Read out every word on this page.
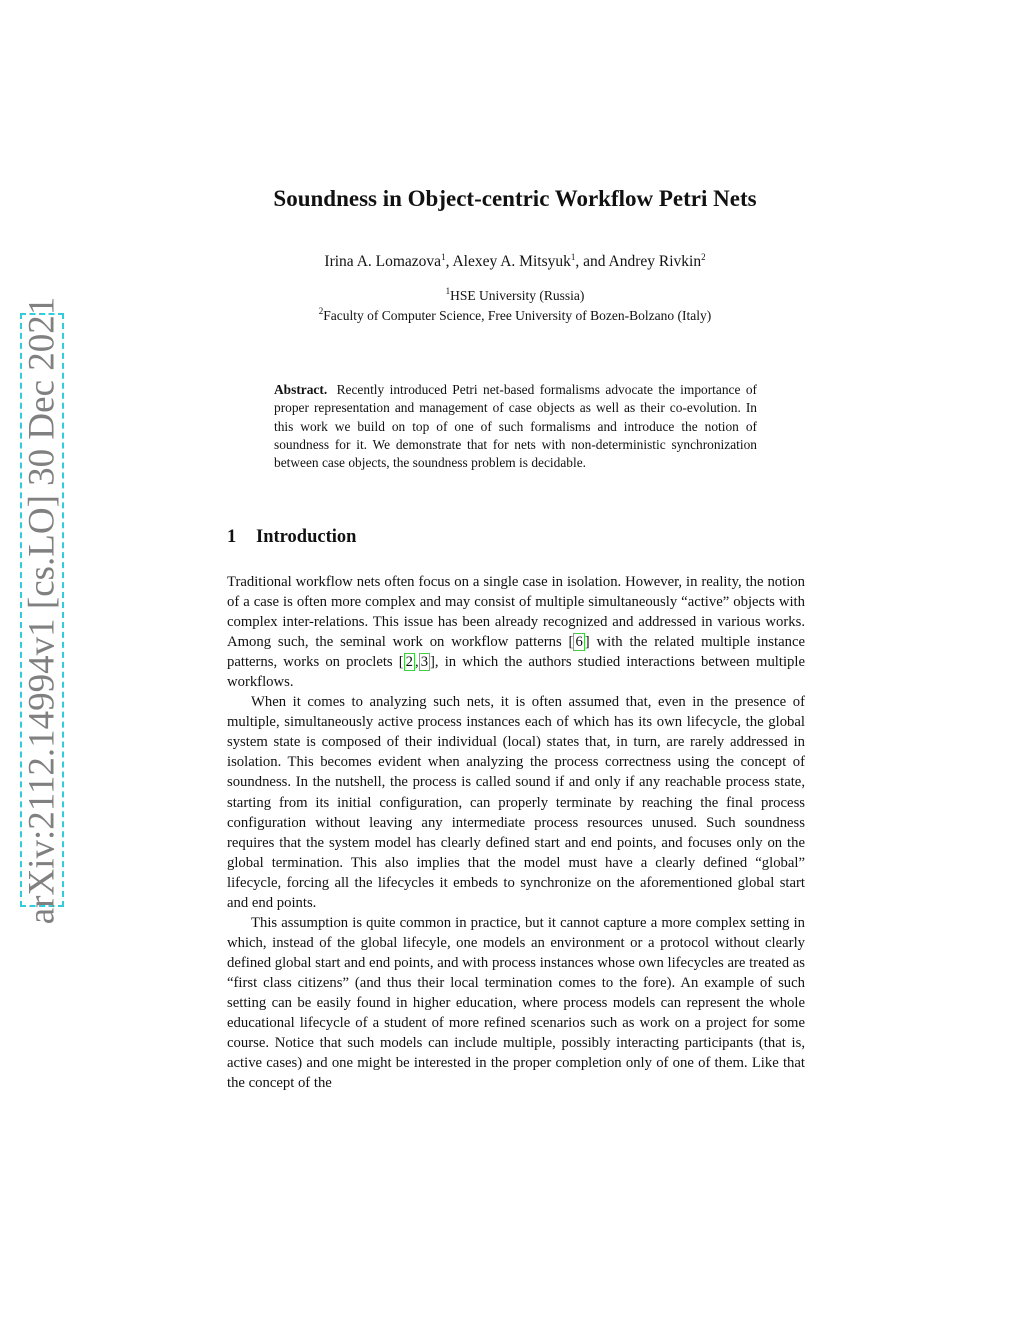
arXiv:2112.14994v1 [cs.LO] 30 Dec 2021
Soundness in Object-centric Workflow Petri Nets
Irina A. Lomazova$^1$, Alexey A. Mitsyuk$^1$, and Andrey Rivkin$^2$
$^1$HSE University (Russia)
$^2$Faculty of Computer Science, Free University of Bozen-Bolzano (Italy)
Abstract. Recently introduced Petri net-based formalisms advocate the importance of proper representation and management of case objects as well as their co-evolution. In this work we build on top of one of such formalisms and introduce the notion of soundness for it. We demonstrate that for nets with non-deterministic synchronization between case objects, the soundness problem is decidable.
1 Introduction

Traditional workflow nets often focus on a single case in isolation. However, in reality, the notion of a case is often more complex and may consist of multiple simultaneously “active” objects with complex inter-relations. This issue has been already recognized and addressed in various works. Among such, the seminal work on workflow patterns [ 6 ] with the related multiple instance patterns, works on proclets [ 2 , 3 ], in which the authors studied interactions between multiple workflows.

When it comes to analyzing such nets, it is often assumed that, even in the presence of multiple, simultaneously active process instances each of which has its own lifecycle, the global system state is composed of their individual (local) states that, in turn, are rarely addressed in isolation. This becomes evident when analyzing the process correctness using the concept of soundness. In the nutshell, the process is called sound if and only if any reachable process state, starting from its initial configuration, can properly terminate by reaching the final process configuration without leaving any intermediate process resources unused. Such soundness requires that the system model has clearly defined start and end points, and focuses only on the global termination. This also implies that the model must have a clearly defined “global” lifecycle, forcing all the lifecycles it embeds to synchronize on the aforementioned global start and end points.

This assumption is quite common in practice, but it cannot capture a more complex setting in which, instead of the global lifecyle, one models an environment or a protocol without clearly defined global start and end points, and with process instances whose own lifecycles are treated as “first class citizens” (and thus their local termination comes to the fore). An example of such setting can be easily found in higher education, where process models can represent the whole educational lifecycle of a student of more refined scenarios such as work on a project for some course. Notice that such models can include multiple, possibly interacting participants (that is, active cases) and one might be interested in the proper completion only of one of them. Like that the concept of the
